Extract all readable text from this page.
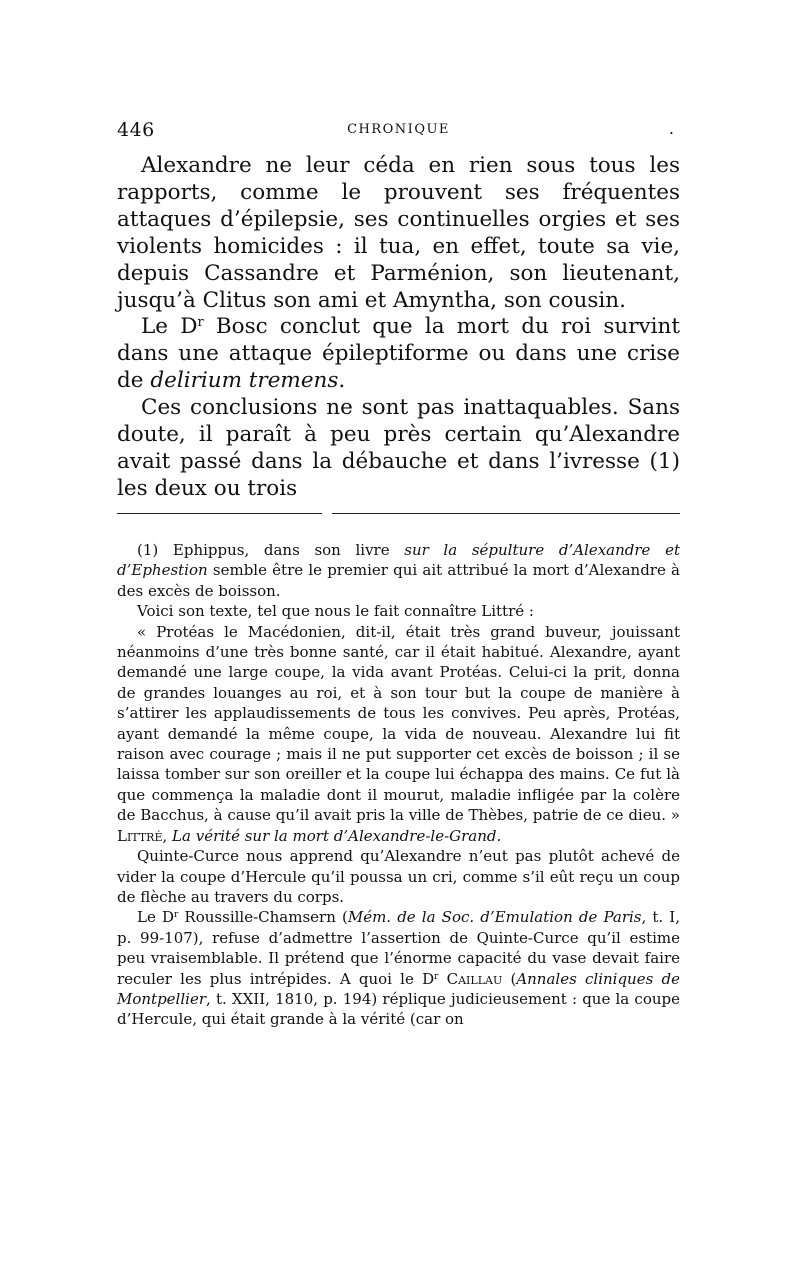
446	CHRONIQUE	.

Alexandre ne leur céda en rien sous tous les rapports, comme le prouvent ses fréquentes attaques d’épilepsie, ses continuelles orgies et ses violents homicides : il tua, en effet, toute sa vie, depuis Cassandre et Parménion, son lieutenant, jusqu’à Clitus son ami et Amyntha, son cousin.

Le $D^r$ Bosc conclut que la mort du roi survint dans une attaque épileptiforme ou dans une crise de delirium tremens.

Ces conclusions ne sont pas inattaquables. Sans doute, il paraît à peu près certain qu’Alexandre avait passé dans la débauche et dans l’ivresse (1) les deux ou trois

(1) Ephippus, dans son livre sur la sépulture d’Alexandre et d’Ephestion semble être le premier qui ait attribué la mort d’Alexandre à des excès de boisson.

Voici son texte, tel que nous le fait connaître Littré :

« Protéas le Macédonien, dit-il, était très grand buveur, jouissant néanmoins d’une très bonne santé, car il était habitué. Alexandre, ayant demandé une large coupe, la vida avant Protéas. Celui-ci la prit, donna de grandes louanges au roi, et à son tour but la coupe de manière à s’attirer les applaudissements de tous les convives. Peu après, Protéas, ayant demandé la même coupe, la vida de nouveau. Alexandre lui fit raison avec courage ; mais il ne put supporter cet excès de boisson ; il se laissa tomber sur son oreiller et la coupe lui échappa des mains. Ce fut là que commença la maladie dont il mourut, maladie infligée par la colère de Bacchus, à cause qu’il avait pris la ville de Thèbes, patrie de ce dieu. » Littré, La vérité sur la mort d’Alexandre-le-Grand.

Quinte-Curce nous apprend qu’Alexandre n’eut pas plutôt achevé de vider la coupe d’Hercule qu’il poussa un cri, comme s’il eût reçu un coup de flèche au travers du corps.

Le $D^r$ Roussille-Chamsern (Mém. de la Soc. d’Emulation de Paris, t. I, p. 99-107), refuse d’admettre l’assertion de Quinte-Curce qu’il estime peu vraisemblable. Il prétend que l’énorme capacité du vase devait faire reculer les plus intrépides. A quoi le $D^r$ Caillau (Annales cliniques de Montpellier, t. XXII, 1810, p. 194) réplique judicieusement : que la coupe d’Hercule, qui était grande à la vérité (car on
